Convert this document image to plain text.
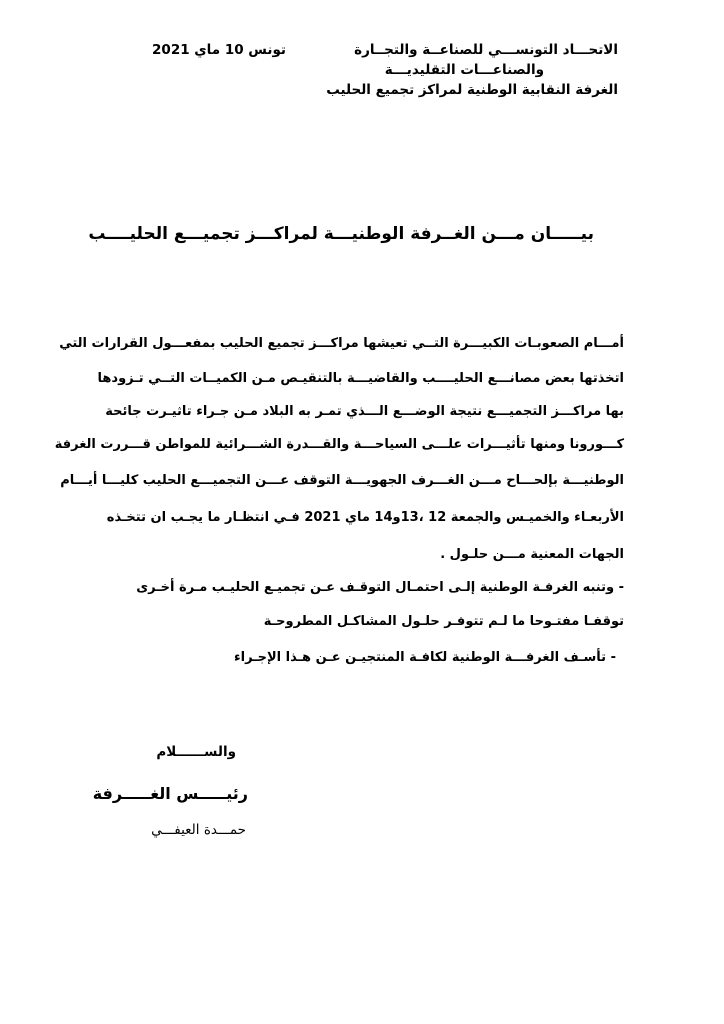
الاتحـــاد التونســـي للصناعــة والتجــارة
تونس 10 ماي 2021
والصناعـــات التقليديـــة
الغرفة النقابية الوطنية لمراكز تجميع الحليب
بيـــــان مـــن الغــرفة الوطنيـــة لمراكـــز تجميـــع الحليــــب
أمـــام الصعوبـات الكبيـــرة التــي تعيشها مراكـــز تجميع الحليب بمفعـــول القرارات التي
اتخذتها بعض مصانـــع الحليــــب والقاضيـــة بالتنقيـص مـن الكميــات التــي تـزودها
بها مراكـــز التجميـــع نتيجة الوضـــع الـــذي تمـر به البلاد مـن جـراء تاثيـرت جائحة
كـــورونا ومنها تأثيـــرات علـــى السياحـــة والقـــدرة الشـــرائية للمواطن قـــررت الغرفة
الوطنيـــة بإلحـــاح مـــن الغـــرف الجهويـــة التوقف عـــن التجميـــع الحليب كليـــا أيـــام
الأربعـاء والخميـس والجمعة 12 ،13و14 ماي 2021 فـي انتظـار ما يجـب ان تتخـذه
الجهات المعنية مـــن حلـول .
- وتنبه الغرفـة الوطنية إلـى احتمـال التوقـف عـن تجميـع الحليـب مـرة أخـرى
توقفـا مفتـوحا ما لـم تتوفـر حلـول المشاكـل المطروحـة
- تأسـف الغرفـــة الوطنية لكافـة المنتجيـن عـن هـذا الإجـراء
والســــــلام
رئيـــــس الغـــــرفة
حمـــدة العيفـــي
